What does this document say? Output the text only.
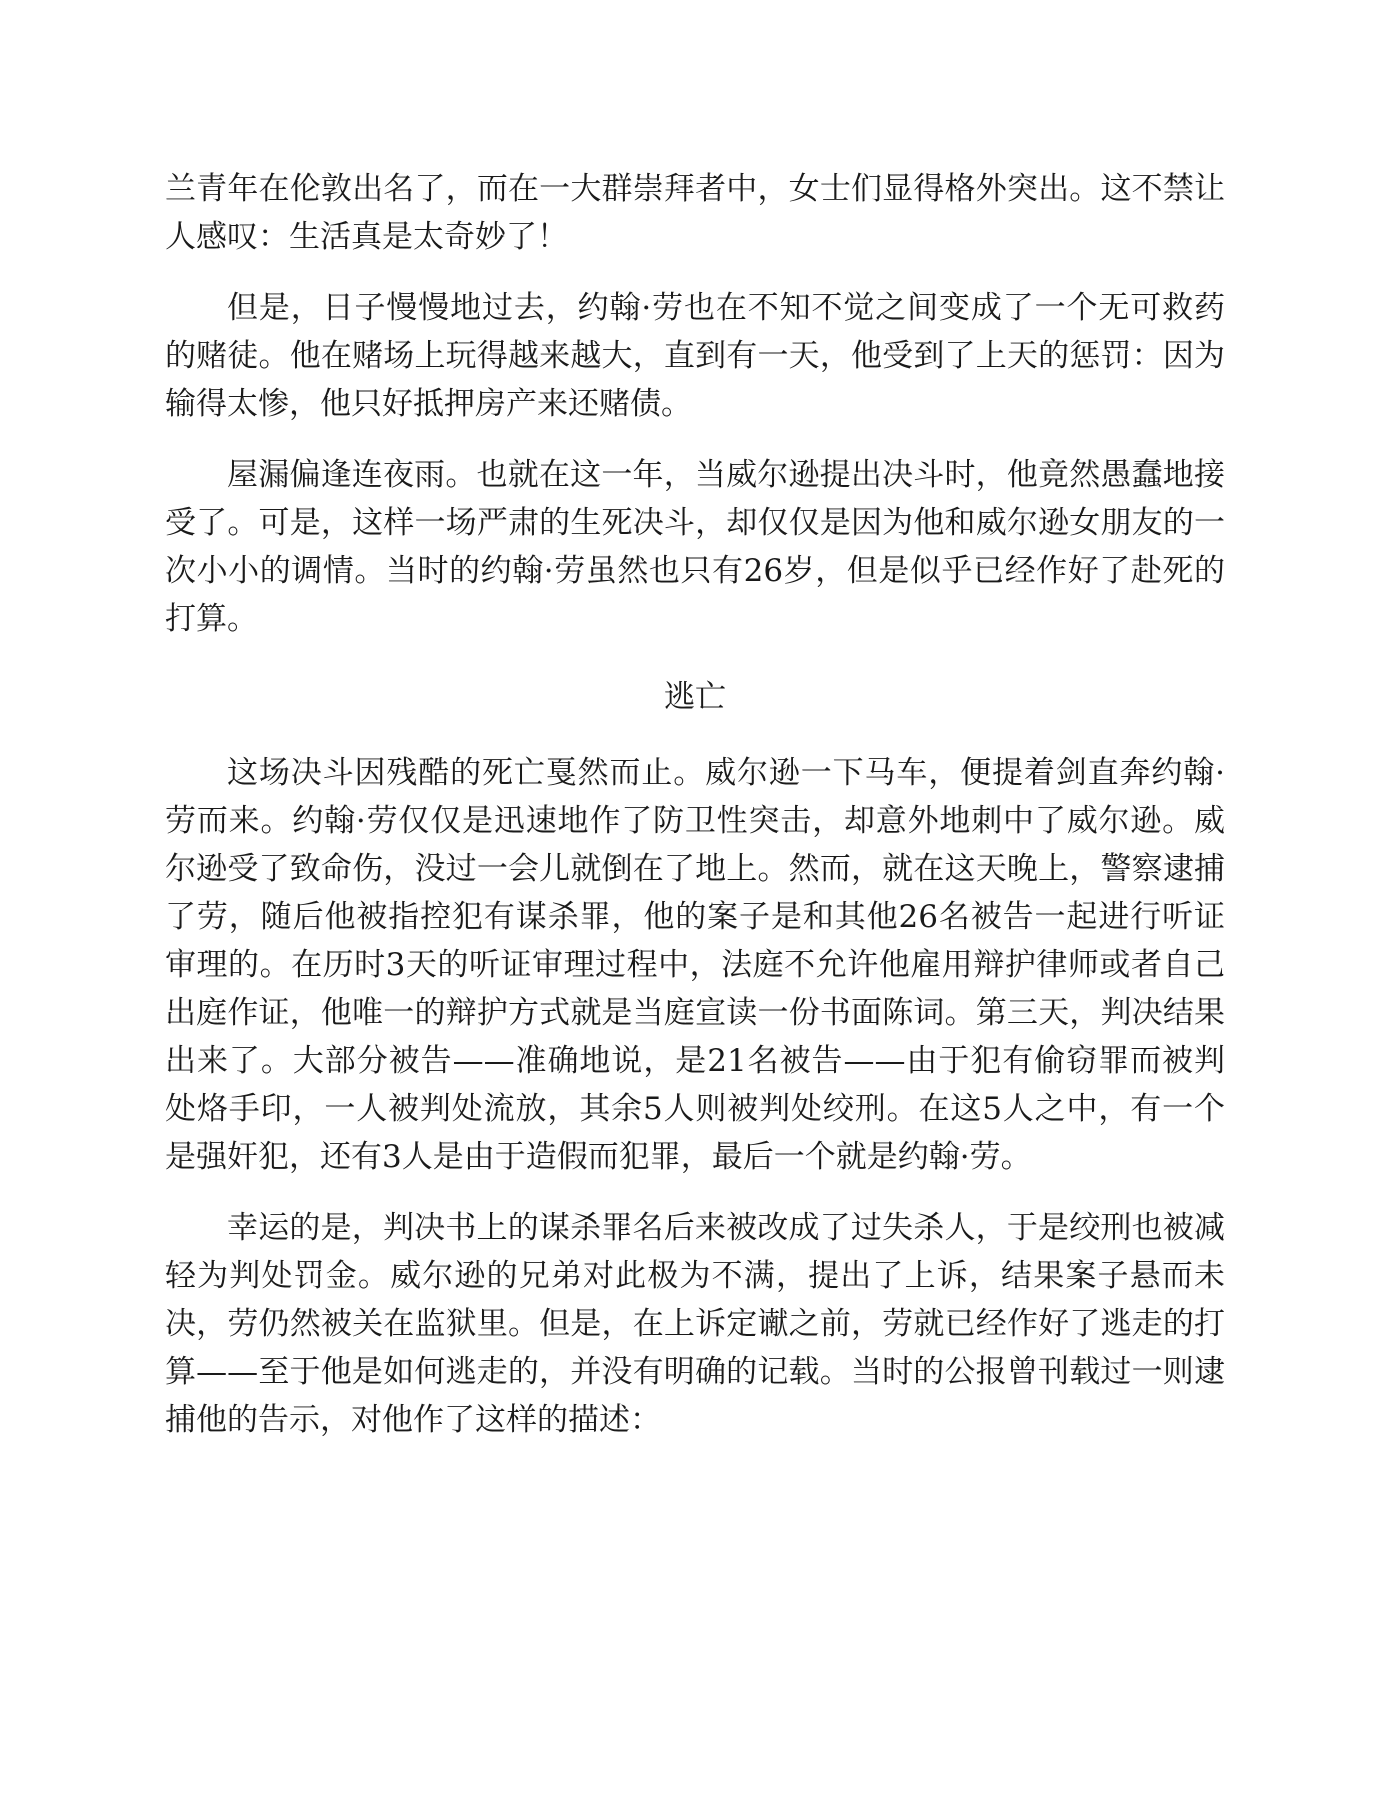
兰青年在伦敦出名了，而在一大群崇拜者中，女士们显得格外突出。这不禁让人感叹：生活真是太奇妙了！

但是，日子慢慢地过去，约翰·劳也在不知不觉之间变成了一个无可救药的赌徒。他在赌场上玩得越来越大，直到有一天，他受到了上天的惩罚：因为输得太惨，他只好抵押房产来还赌债。

屋漏偏逢连夜雨。也就在这一年，当威尔逊提出决斗时，他竟然愚蠢地接受了。可是，这样一场严肃的生死决斗，却仅仅是因为他和威尔逊女朋友的一次小小的调情。当时的约翰·劳虽然也只有26岁，但是似乎已经作好了赴死的打算。

逃亡

这场决斗因残酷的死亡戛然而止。威尔逊一下马车，便提着剑直奔约翰·劳而来。约翰·劳仅仅是迅速地作了防卫性突击，却意外地刺中了威尔逊。威尔逊受了致命伤，没过一会儿就倒在了地上。然而，就在这天晚上，警察逮捕了劳，随后他被指控犯有谋杀罪，他的案子是和其他26名被告一起进行听证审理的。在历时3天的听证审理过程中，法庭不允许他雇用辩护律师或者自己出庭作证，他唯一的辩护方式就是当庭宣读一份书面陈词。第三天，判决结果出来了。大部分被告——准确地说，是21名被告——由于犯有偷窃罪而被判处烙手印，一人被判处流放，其余5人则被判处绞刑。在这5人之中，有一个是强奸犯，还有3人是由于造假而犯罪，最后一个就是约翰·劳。

幸运的是，判决书上的谋杀罪名后来被改成了过失杀人，于是绞刑也被减轻为判处罚金。威尔逊的兄弟对此极为不满，提出了上诉，结果案子悬而未决，劳仍然被关在监狱里。但是，在上诉定谳之前，劳就已经作好了逃走的打算——至于他是如何逃走的，并没有明确的记载。当时的公报曾刊载过一则逮捕他的告示，对他作了这样的描述：
